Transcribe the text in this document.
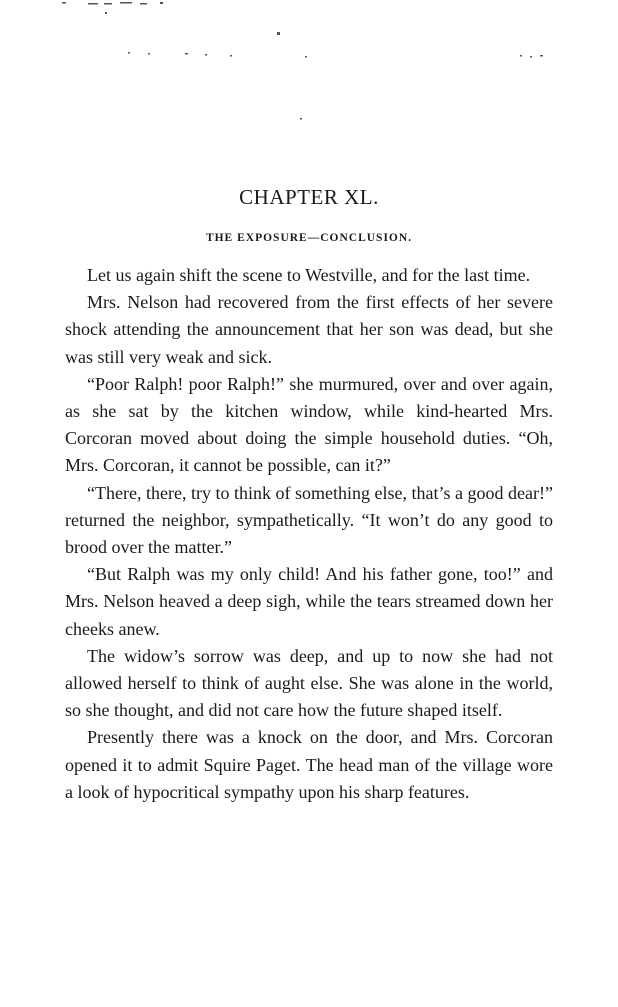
CHAPTER XL.
THE EXPOSURE—CONCLUSION.

Let us again shift the scene to Westville, and for the last time.

Mrs. Nelson had recovered from the first effects of her severe shock attending the announcement that her son was dead, but she was still very weak and sick.

“Poor Ralph! poor Ralph!” she murmured, over and over again, as she sat by the kitchen window, while kind-hearted Mrs. Corcoran moved about doing the simple household duties. “Oh, Mrs. Corcoran, it cannot be possible, can it?”

“There, there, try to think of something else, that’s a good dear!” returned the neighbor, sympathetically. “It won’t do any good to brood over the matter.”

“But Ralph was my only child! And his father gone, too!” and Mrs. Nelson heaved a deep sigh, while the tears streamed down her cheeks anew.

The widow’s sorrow was deep, and up to now she had not allowed herself to think of aught else. She was alone in the world, so she thought, and did not care how the future shaped itself.

Presently there was a knock on the door, and Mrs. Corcoran opened it to admit Squire Paget. The head man of the village wore a look of hypocritical sympathy upon his sharp features.
